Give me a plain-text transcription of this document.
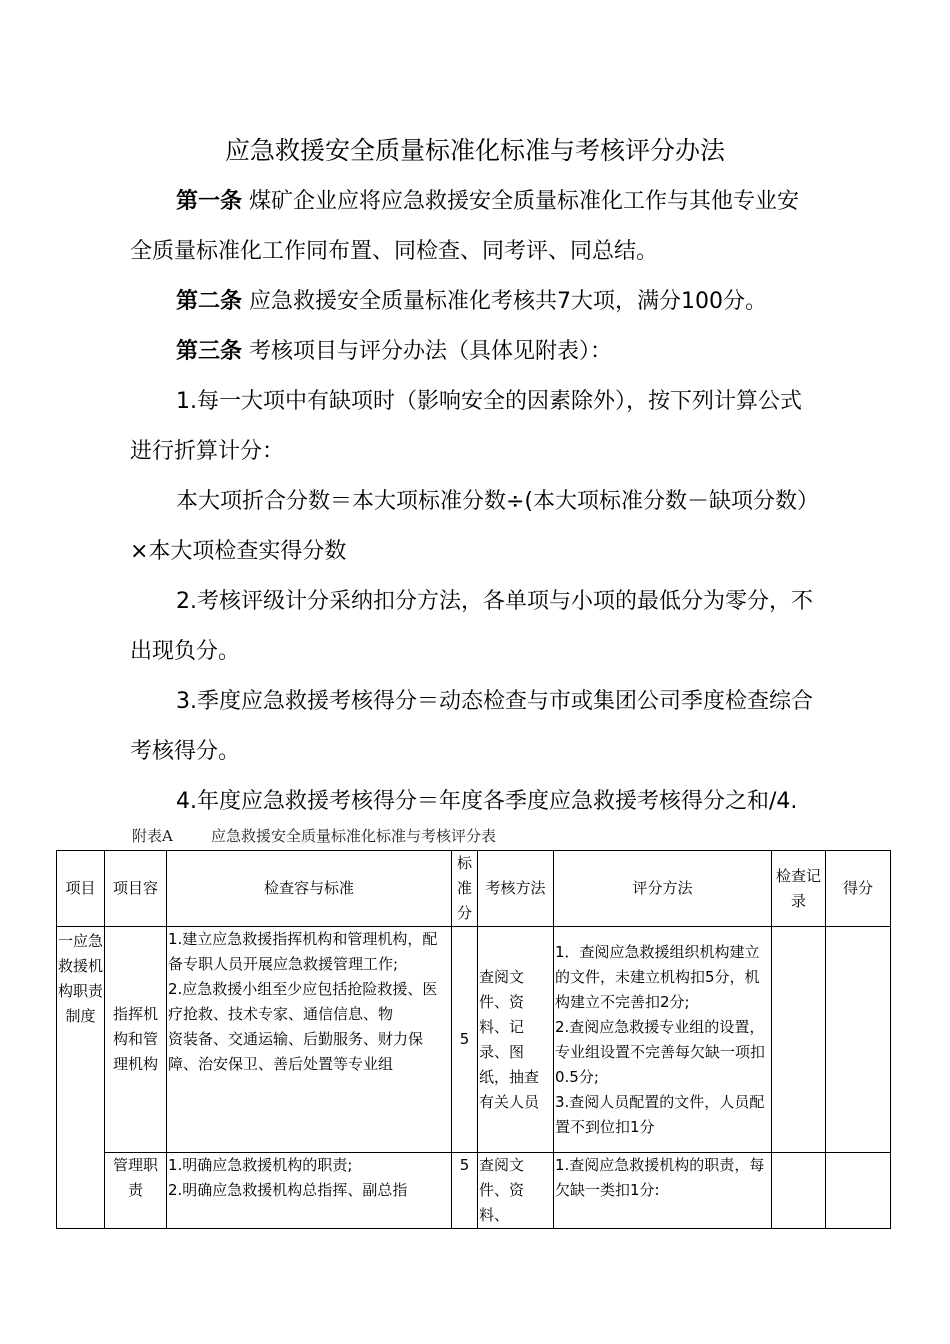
应急救援安全质量标准化标准与考核评分办法
第一条 煤矿企业应将应急救援安全质量标准化工作与其他专业安全质量标准化工作同布置、同检查、同考评、同总结。
第二条 应急救援安全质量标准化考核共7大项，满分100分。
第三条 考核项目与评分办法（具体见附表）：
1.每一大项中有缺项时（影响安全的因素除外），按下列计算公式进行折算计分：
本大项折合分数＝本大项标准分数÷(本大项标准分数－缺项分数）×本大项检查实得分数
2.考核评级计分采纳扣分方法，各单项与小项的最低分为零分，不出现负分。
3.季度应急救援考核得分＝动态检查与市或集团公司季度检查综合考核得分。
4.年度应急救援考核得分＝年度各季度应急救援考核得分之和/4.
附表A        应急救援安全质量标准化标准与考核评分表
项目	项目容	检查容与标准	标准分	考核方法	评分方法	检查记录	得分
一应急救援机构职责制度	指挥机构和管理机构	1.建立应急救援指挥机构和管理机构，配备专职人员开展应急救援管理工作;
2.应急救援小组至少应包括抢险救援、医疗抢救、技术专家、通信信息、物
资装备、交通运输、后勤服务、财力保
障、治安保卫、善后处置等专业组	5	查阅文件、资料、记录、图纸，抽查有关人员	1．查阅应急救援组织机构建立的文件，未建立机构扣5分，机构建立不完善扣2分;
2.查阅应急救援专业组的设置，专业组设置不完善每欠缺一项扣0.5分;
3.查阅人员配置的文件，人员配置不到位扣1分		
	管理职责	1.明确应急救援机构的职责;
2.明确应急救援机构总指挥、副总指	5	查阅文件、资料、	1.查阅应急救援机构的职责，每欠缺一类扣1分:		
